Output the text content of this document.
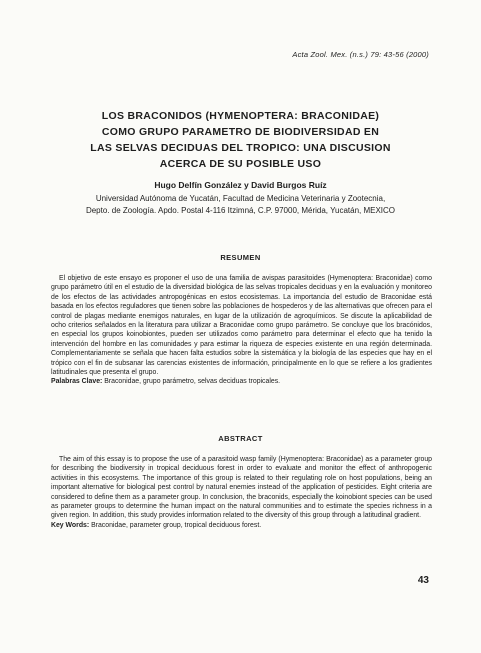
Acta Zool. Mex. (n.s.) 79: 43-56 (2000)
LOS BRACONIDOS (HYMENOPTERA: BRACONIDAE)
COMO GRUPO PARAMETRO DE BIODIVERSIDAD EN
LAS SELVAS DECIDUAS DEL TROPICO: UNA DISCUSION
ACERCA DE SU POSIBLE USO
Hugo Delfín González y David Burgos Ruíz
Universidad Autónoma de Yucatán, Facultad de Medicina Veterinaria y Zootecnia,
Depto. de Zoología. Apdo. Postal 4-116 Itzimná, C.P. 97000, Mérida, Yucatán, MEXICO
RESUMEN

El objetivo de este ensayo es proponer el uso de una familia de avispas parasitoides (Hymenoptera: Braconidae) como grupo parámetro útil en el estudio de la diversidad biológica de las selvas tropicales deciduas y en la evaluación y monitoreo de los efectos de las actividades antropogénicas en estos ecosistemas. La importancia del estudio de Braconidae está basada en los efectos reguladores que tienen sobre las poblaciones de hospederos y de las alternativas que ofrecen para el control de plagas mediante enemigos naturales, en lugar de la utilización de agroquímicos. Se discute la aplicabilidad de ocho criterios señalados en la literatura para utilizar a Braconidae como grupo parámetro. Se concluye que los bracónidos, en especial los grupos koinobiontes, pueden ser utilizados como parámetro para determinar el efecto que ha tenido la intervención del hombre en las comunidades y para estimar la riqueza de especies existente en una región determinada. Complementariamente se señala que hacen falta estudios sobre la sistemática y la biología de las especies que hay en el trópico con el fin de subsanar las carencias existentes de información, principalmente en lo que se refiere a los gradientes latitudinales que presenta el grupo.

Palabras Clave: Braconidae, grupo parámetro, selvas deciduas tropicales.

ABSTRACT

The aim of this essay is to propose the use of a parasitoid wasp family (Hymenoptera: Braconidae) as a parameter group for describing the biodiversity in tropical deciduous forest in order to evaluate and monitor the effect of anthropogenic activities in this ecosystems. The importance of this group is related to their regulating role on host populations, being an important alternative for biological pest control by natural enemies instead of the application of pesticides. Eight criteria are considered to define them as a parameter group. In conclusion, the braconids, especially the koinobiont species can be used as parameter groups to determine the human impact on the natural communities and to estimate the species richness in a given region. In addition, this study provides information related to the diversity of this group through a latitudinal gradient.

Key Words: Braconidae, parameter group, tropical deciduous forest.

43
